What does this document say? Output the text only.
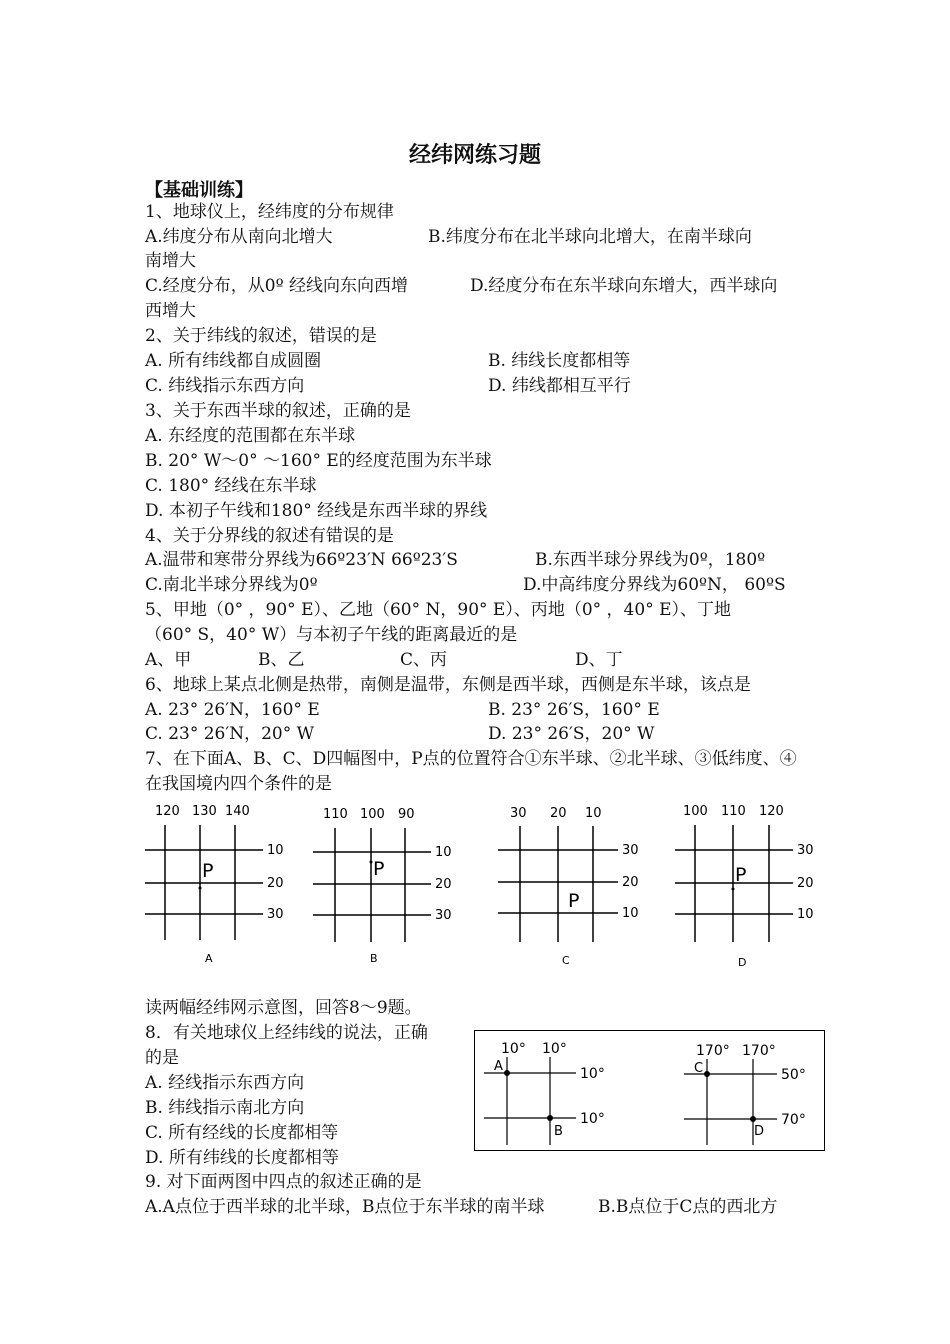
经纬网练习题
【基础训练】
1、地球仪上，经纬度的分布规律
A.纬度分布从南向北增大	B.纬度分布在北半球向北增大，在南半球向
南增大
C.经度分布，从0º 经线向东向西增	D.经度分布在东半球向东增大，西半球向
西增大
2、关于纬线的叙述，错误的是
A. 所有纬线都自成圆圈	B. 纬线长度都相等
C. 纬线指示东西方向	D. 纬线都相互平行
3、关于东西半球的叙述，正确的是
A. 东经度的范围都在东半球
B. 20° W～0° ～160° E的经度范围为东半球
C. 180° 经线在东半球
D. 本初子午线和180° 经线是东西半球的界线
4、关于分界线的叙述有错误的是
A.温带和寒带分界线为66º23′N 66º23′S	B.东西半球分界线为0º，180º
C.南北半球分界线为0º	D.中高纬度分界线为60ºN， 60ºS
5、甲地（0° ，90° E）、乙地（60° N，90° E）、丙地（0° ，40° E）、丁地
（60° S，40° W）与本初子午线的距离最近的是
A、甲	B、乙	C、丙	D、丁
6、地球上某点北侧是热带，南侧是温带，东侧是西半球，西侧是东半球，该点是
A. 23° 26′N，160° E	B. 23° 26′S，160° E
C. 23° 26′N，20° W	D. 23° 26′S，20° W
7、在下面A、B、C、D四幅图中，P点的位置符合①东半球、②北半球、③低纬度、④
在我国境内四个条件的是
读两幅经纬网示意图，回答8～9题。
8．有关地球仪上经纬线的说法，正确
的是
A. 经线指示东西方向
B. 纬线指示南北方向
C. 所有经线的长度都相等
D. 所有纬线的长度都相等
9. 对下面两图中四点的叙述正确的是
A.A点位于西半球的北半球，B点位于东半球的南半球	B.B点位于C点的西北方
120 130 140
10
20
30
P
A
110 100 90
10
20
30
P
B
30 20 10
30
20
10
P
C
100 110 120
30
20
10
P
D
10° 10°
10°
10°
A
B
170° 170°
50°
70°
C
D
